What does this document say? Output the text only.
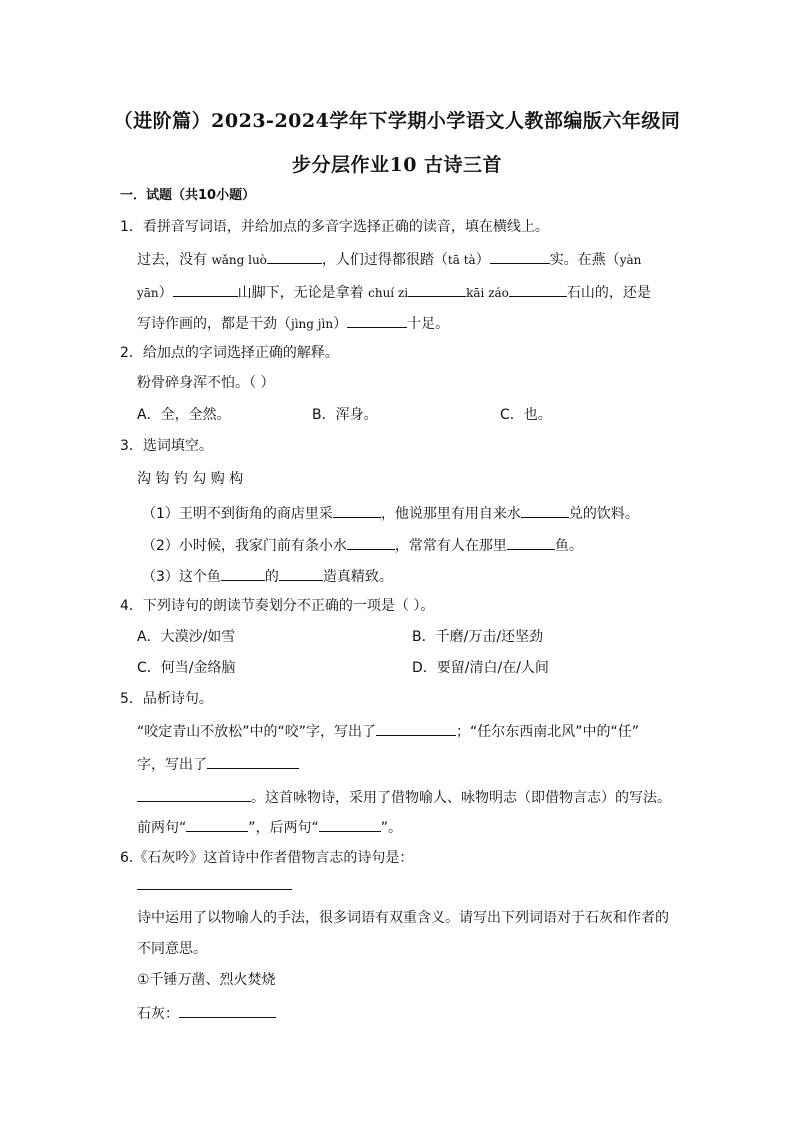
（进阶篇）2023-2024学年下学期小学语文人教部编版六年级同
步分层作业10 古诗三首
一．试题（共10小题）
1．看拼音写词语，并给加点的多音字选择正确的读音，填在横线上。
过去，没有 wǎng luò	，人们过得都很踏（tā tà）	实。在燕（yàn
yān）	山脚下，无论是拿着 chuí zi	kāi záo	石山的，还是
写诗作画的，都是干劲（jìng jìn）	十足。
2．给加点的字词选择正确的解释。
粉骨碎身浑不怕。（ ）
A．全，全然。	B．浑身。	C．也。
3．选词填空。
沟 钩 钓 勾 购 构
（1）王明不到街角的商店里采	，他说那里有用自来水	兑的饮料。
（2）小时候，我家门前有条小水	，常常有人在那里	鱼。
（3）这个鱼	的	造真精致。
4．下列诗句的朗读节奏划分不正确的一项是（ ）。
A．大漠沙/如雪	B．千磨/万击/还坚劲
C．何当/金络脑	D．要留/清白/在/人间
5．品析诗句。
“咬定青山不放松”中的“咬”字，写出了	；“任尔东西南北风”中的“任”
字，写出了
。这首咏物诗，采用了借物喻人、咏物明志（即借物言志）的写法。
前两句“	”，后两句“	”。
6.《石灰吟》这首诗中作者借物言志的诗句是：
诗中运用了以物喻人的手法，很多词语有双重含义。请写出下列词语对于石灰和作者的
不同意思。
①千锤万凿、烈火焚烧
石灰：
